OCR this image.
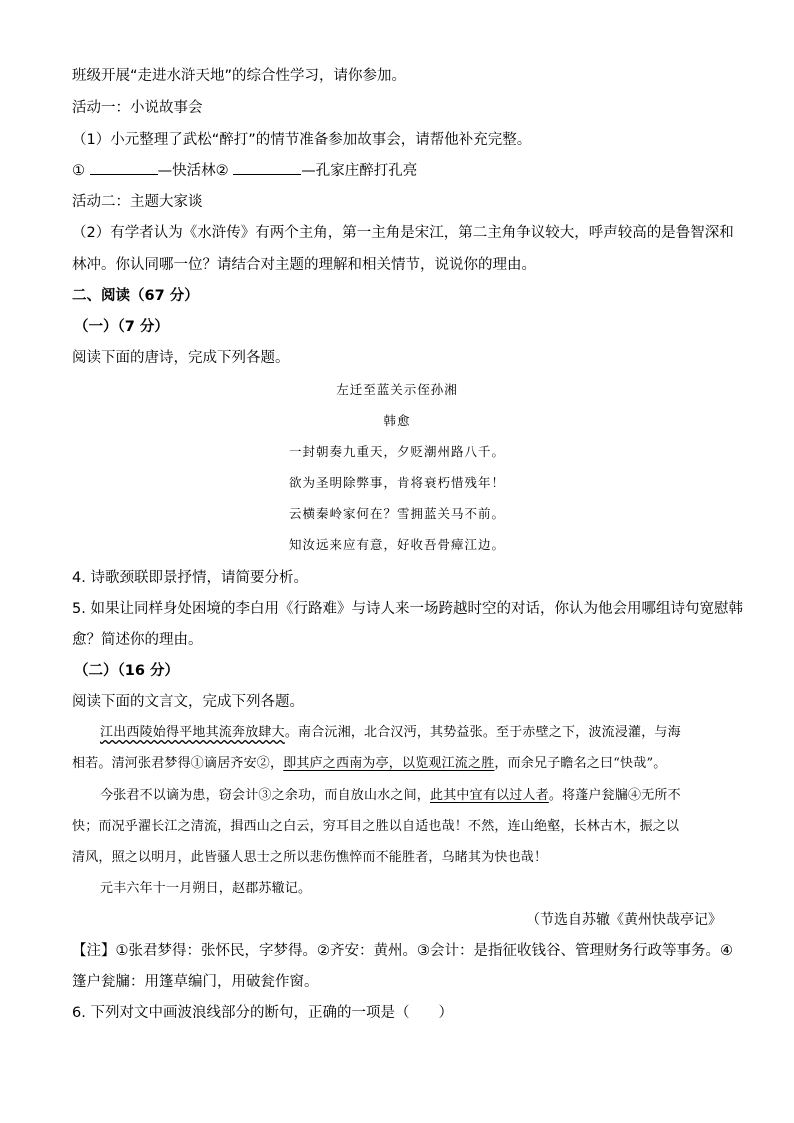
班级开展“走进水浒天地”的综合性学习，请你参加。
活动一：小说故事会
（1）小元整理了武松“醉打”的情节准备参加故事会，请帮他补充完整。
①	—快活林②	—孔家庄醉打孔亮
活动二：主题大家谈
（2）有学者认为《水浒传》有两个主角，第一主角是宋江，第二主角争议较大，呼声较高的是鲁智深和
林冲。你认同哪一位？请结合对主题的理解和相关情节，说说你的理由。
二、阅读（67 分）
（一）（7 分）
阅读下面的唐诗，完成下列各题。
左迁至蓝关示侄孙湘
韩愈
一封朝奏九重天，夕贬潮州路八千。
欲为圣明除弊事，肯将衰朽惜残年！
云横秦岭家何在？雪拥蓝关马不前。
知汝远来应有意，好收吾骨瘴江边。
4. 诗歌颈联即景抒情，请简要分析。
5. 如果让同样身处困境的李白用《行路难》与诗人来一场跨越时空的对话，你认为他会用哪组诗句宽慰韩
愈？简述你的理由。
（二）（16 分）
阅读下面的文言文，完成下列各题。
江出西陵始得平地其流奔放肆大。南合沅湘，北合汉沔，其势益张。至于赤壁之下，波流浸灌，与海
相若。清河张君梦得①谪居齐安②，即其庐之西南为亭，以览观江流之胜，而余兄子瞻名之曰“快哉”。
今张君不以谪为患，窃会计③之余功，而自放山水之间，此其中宜有以过人者。将蓬户瓮牖④无所不
快；而况乎濯长江之清流，揖西山之白云，穷耳目之胜以自适也哉！不然，连山绝壑，长林古木，振之以
清风，照之以明月，此皆骚人思士之所以悲伤憔悴而不能胜者，乌睹其为快也哉！
元丰六年十一月朔日，赵郡苏辙记。
（节选自苏辙《黄州快哉亭记》
【注】①张君梦得：张怀民，字梦得。②齐安：黄州。③会计：是指征收钱谷、管理财务行政等事务。④
篷户瓮牖：用篷草编门，用破瓮作窗。
6. 下列对文中画波浪线部分的断句，正确的一项是（　　）
